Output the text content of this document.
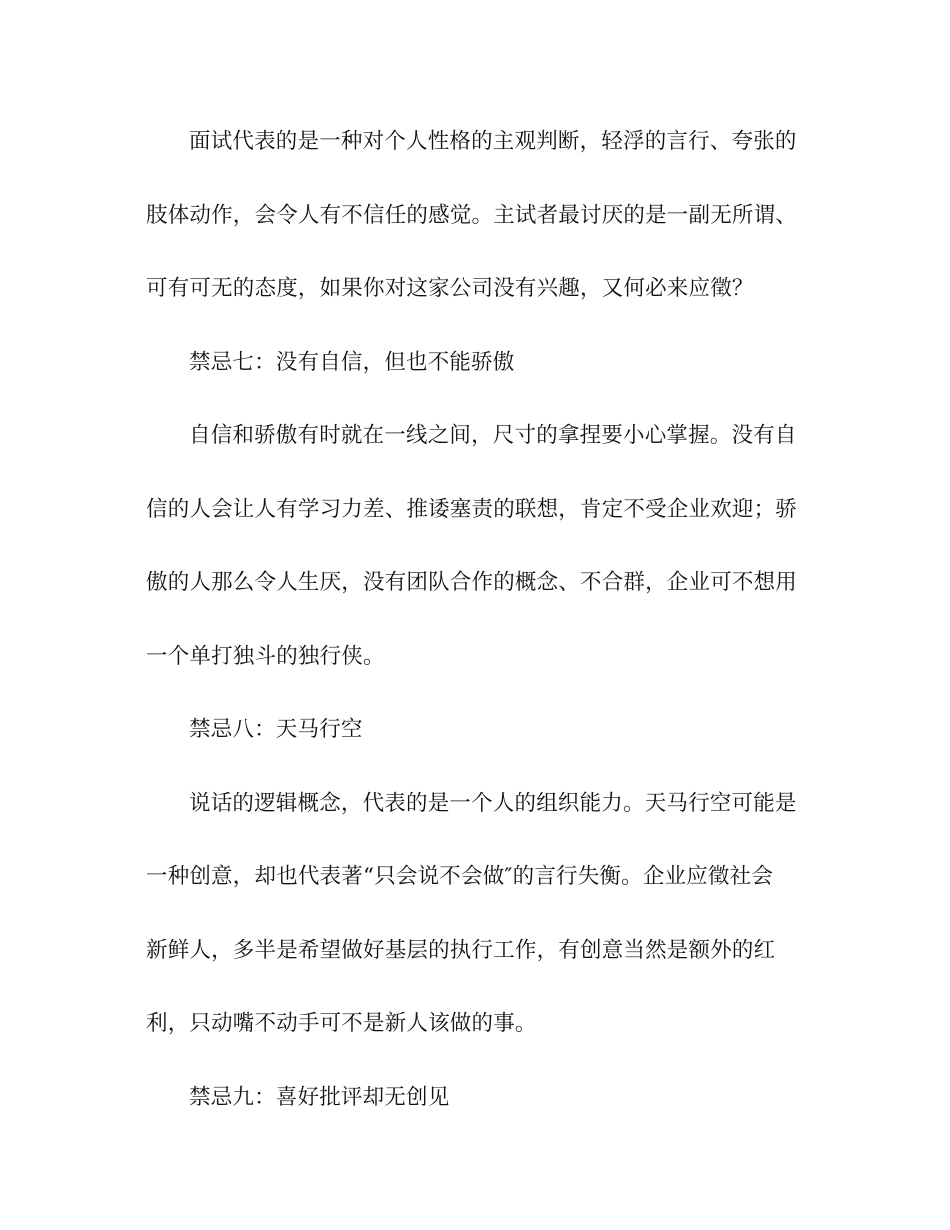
面试代表的是一种对个人性格的主观判断，轻浮的言行、夸张的
肢体动作，会令人有不信任的感觉。主试者最讨厌的是一副无所谓、
可有可无的态度，如果你对这家公司没有兴趣，又何必来应徵？
禁忌七：没有自信，但也不能骄傲
自信和骄傲有时就在一线之间，尺寸的拿捏要小心掌握。没有自
信的人会让人有学习力差、推诿塞责的联想，肯定不受企业欢迎；骄
傲的人那么令人生厌，没有团队合作的概念、不合群，企业可不想用
一个单打独斗的独行侠。
禁忌八：天马行空
说话的逻辑概念，代表的是一个人的组织能力。天马行空可能是
一种创意，却也代表著“只会说不会做″的言行失衡。企业应徵社会
新鲜人，多半是希望做好基层的执行工作，有创意当然是额外的红
利，只动嘴不动手可不是新人该做的事。
禁忌九：喜好批评却无创见
